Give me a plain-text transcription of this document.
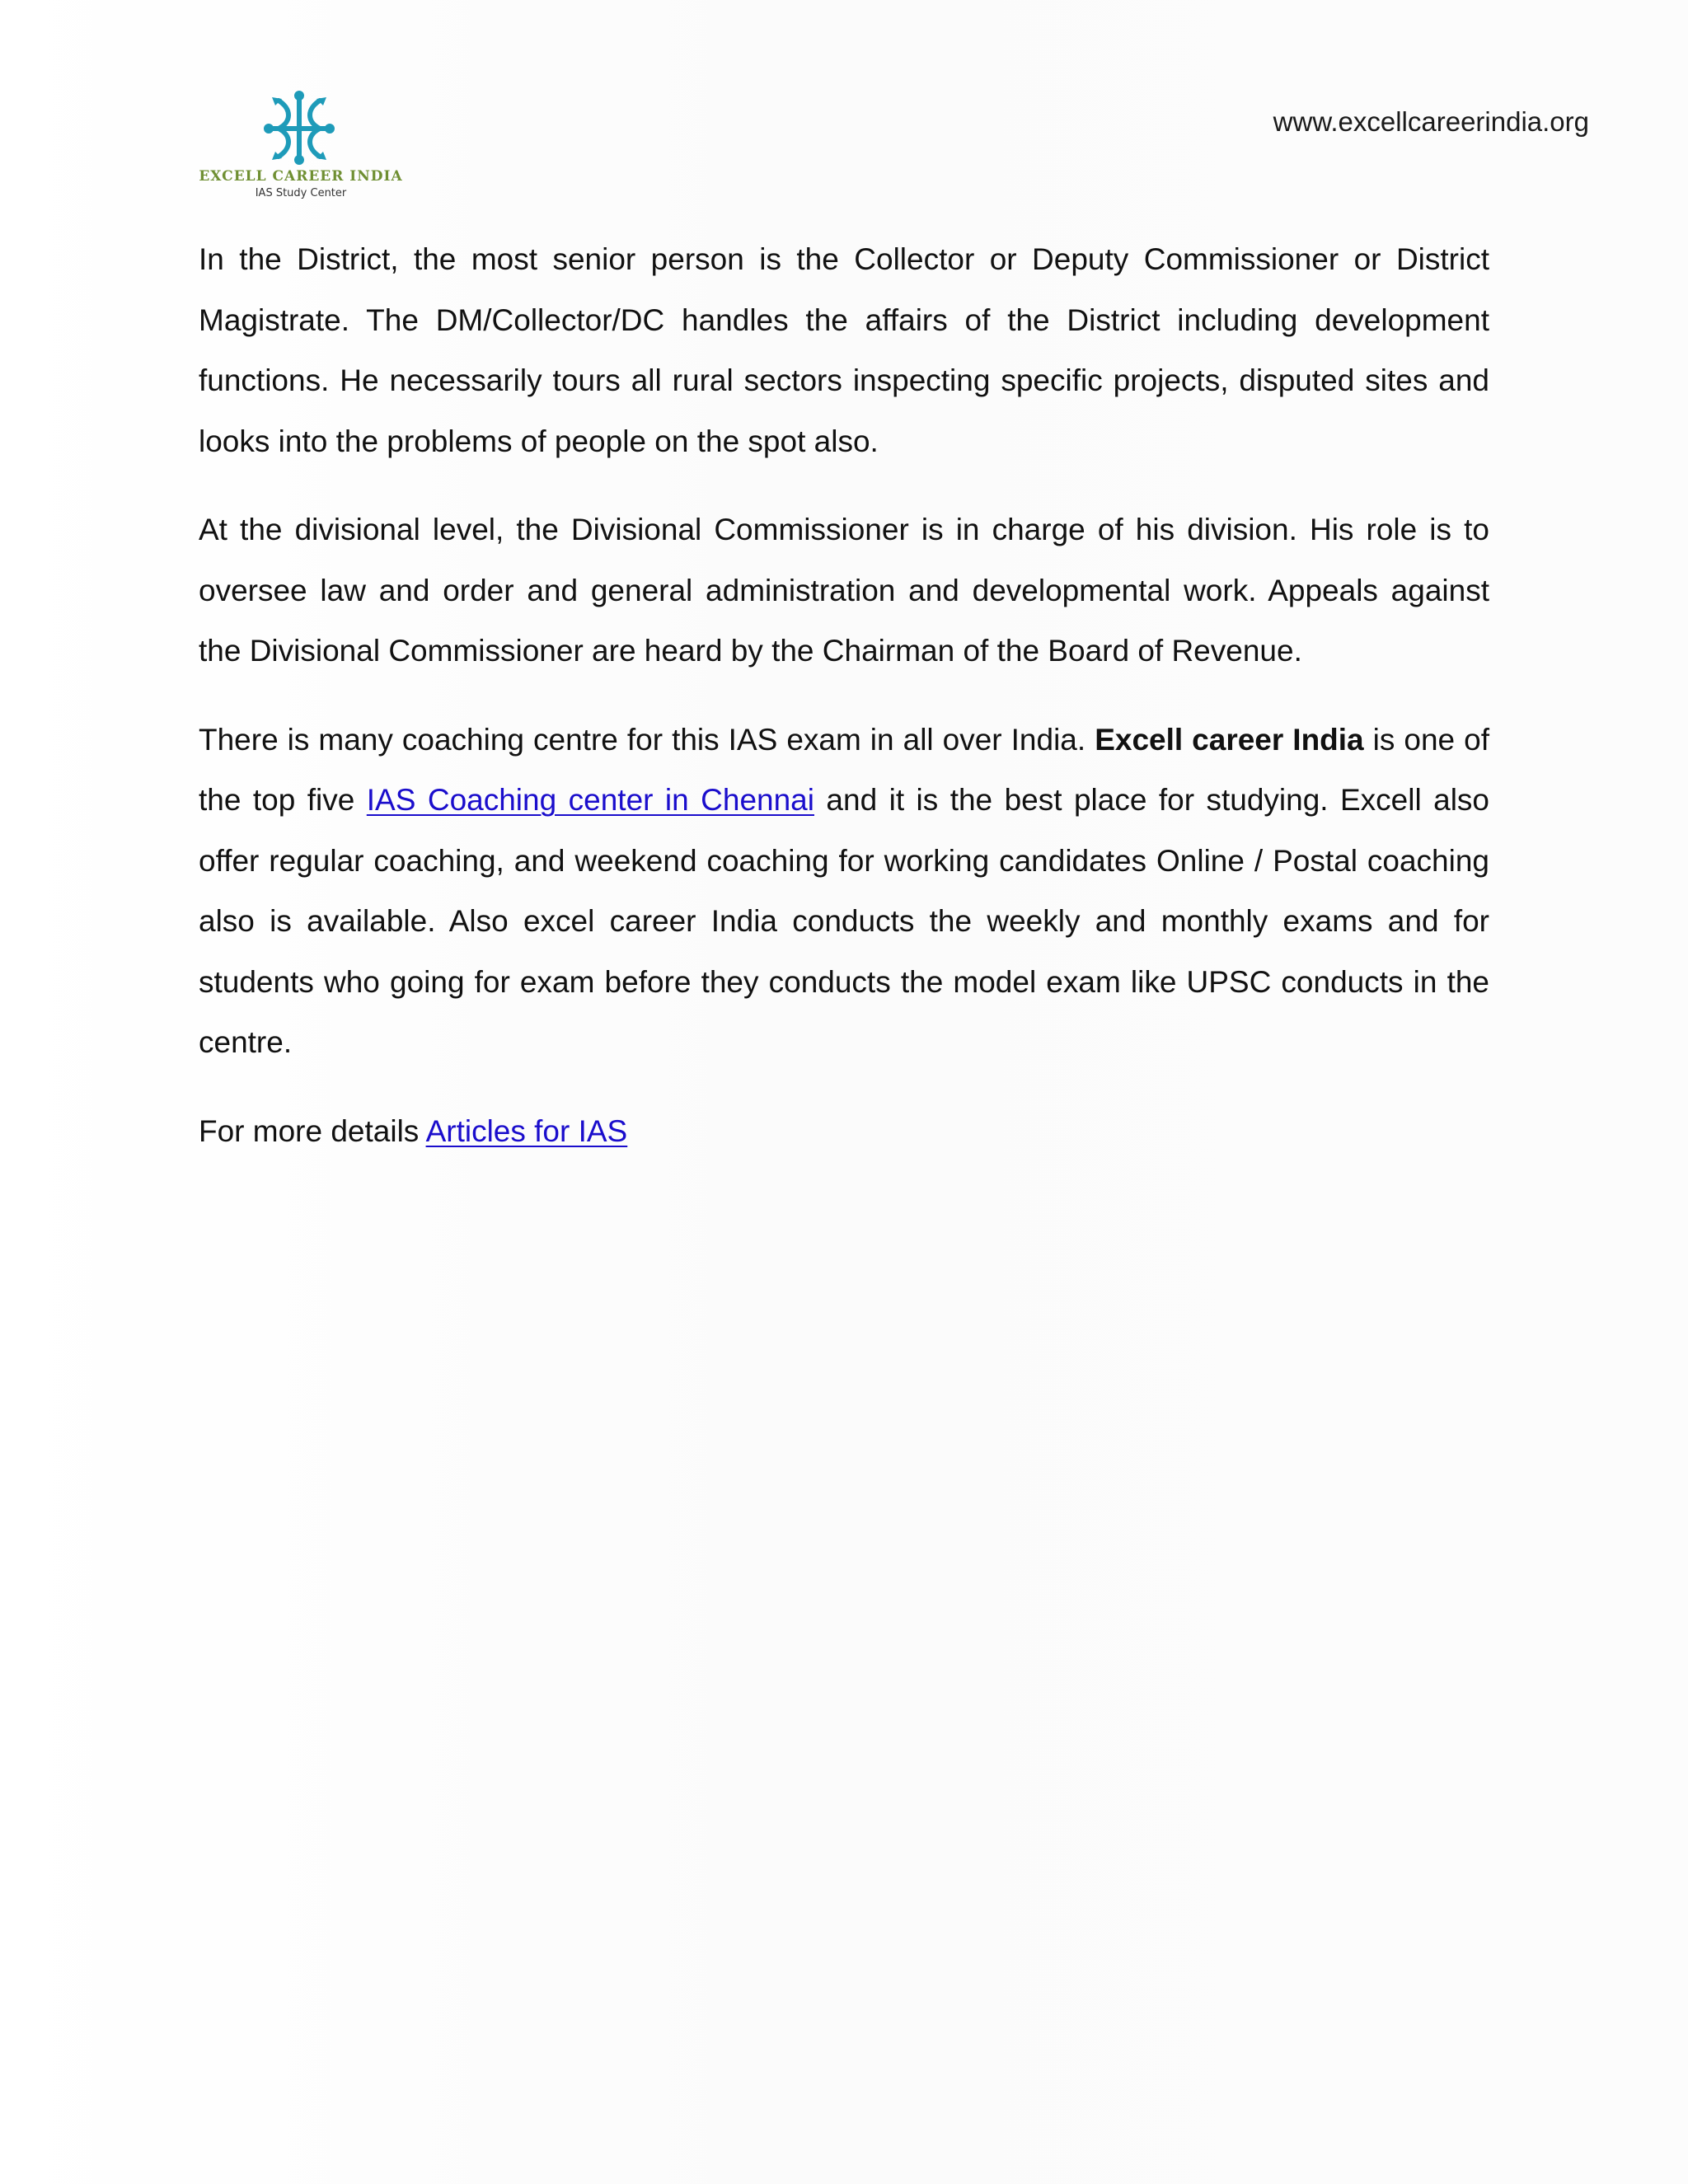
EXCELL CAREER INDIA
IAS Study Center
www.excellcareerindia.org

In the District, the most senior person is the Collector or Deputy Commissioner or District Magistrate. The DM/Collector/DC handles the affairs of the District including development functions. He necessarily tours all rural sectors inspecting specific projects, disputed sites and looks into the problems of people on the spot also.

At the divisional level, the Divisional Commissioner is in charge of his division. His role is to oversee law and order and general administration and developmental work. Appeals against the Divisional Commissioner are heard by the Chairman of the Board of Revenue.

There is many coaching centre for this IAS exam in all over India. Excell career India is one of the top five IAS Coaching center in Chennai and it is the best place for studying. Excell also offer regular coaching, and weekend coaching for working candidates Online / Postal coaching also is available. Also excel career India conducts the weekly and monthly exams and for students who going for exam before they conducts the model exam like UPSC conducts in the centre.

For more details Articles for IAS
